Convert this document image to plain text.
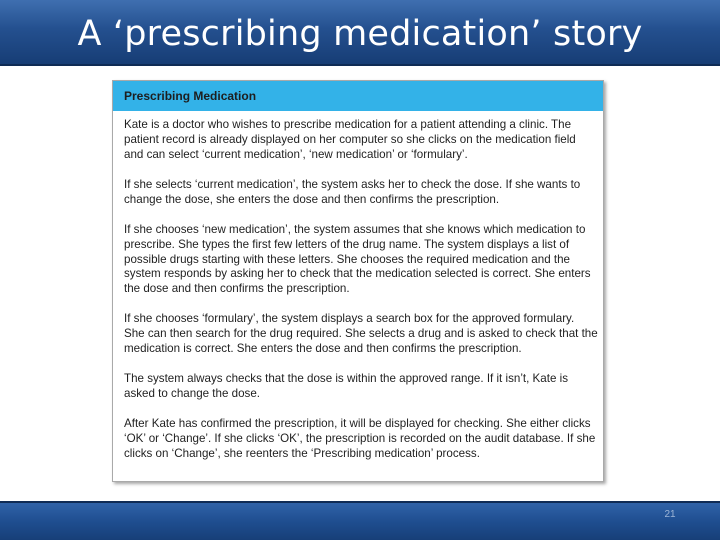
A ‘prescribing medication’ story
Prescribing Medication

Kate is a doctor who wishes to prescribe medication for a patient attending a clinic. The patient record is already displayed on her computer so she clicks on the medication field and can select ‘current medication’, ‘new medication’ or ‘formulary’.

If she selects ‘current medication’, the system asks her to check the dose. If she wants to change the dose, she enters the dose and then confirms the prescription.

If she chooses ‘new medication’, the system assumes that she knows which medication to prescribe. She types the first few letters of the drug name. The system displays a list of possible drugs starting with these letters. She chooses the required medication and the system responds by asking her to check that the medication selected is correct. She enters the dose and then confirms the prescription.

If she chooses ‘formulary’, the system displays a search box for the approved formulary. She can then search for the drug required. She selects a drug and is asked to check that the medication is correct. She enters the dose and then confirms the prescription.

The system always checks that the dose is within the approved range. If it isn’t, Kate is asked to change the dose.

After Kate has confirmed the prescription, it will be displayed for checking. She either clicks ‘OK’ or ‘Change’. If she clicks ‘OK’, the prescription is recorded on the audit database. If she clicks on ‘Change’, she reenters the ‘Prescribing medication’ process.

21
